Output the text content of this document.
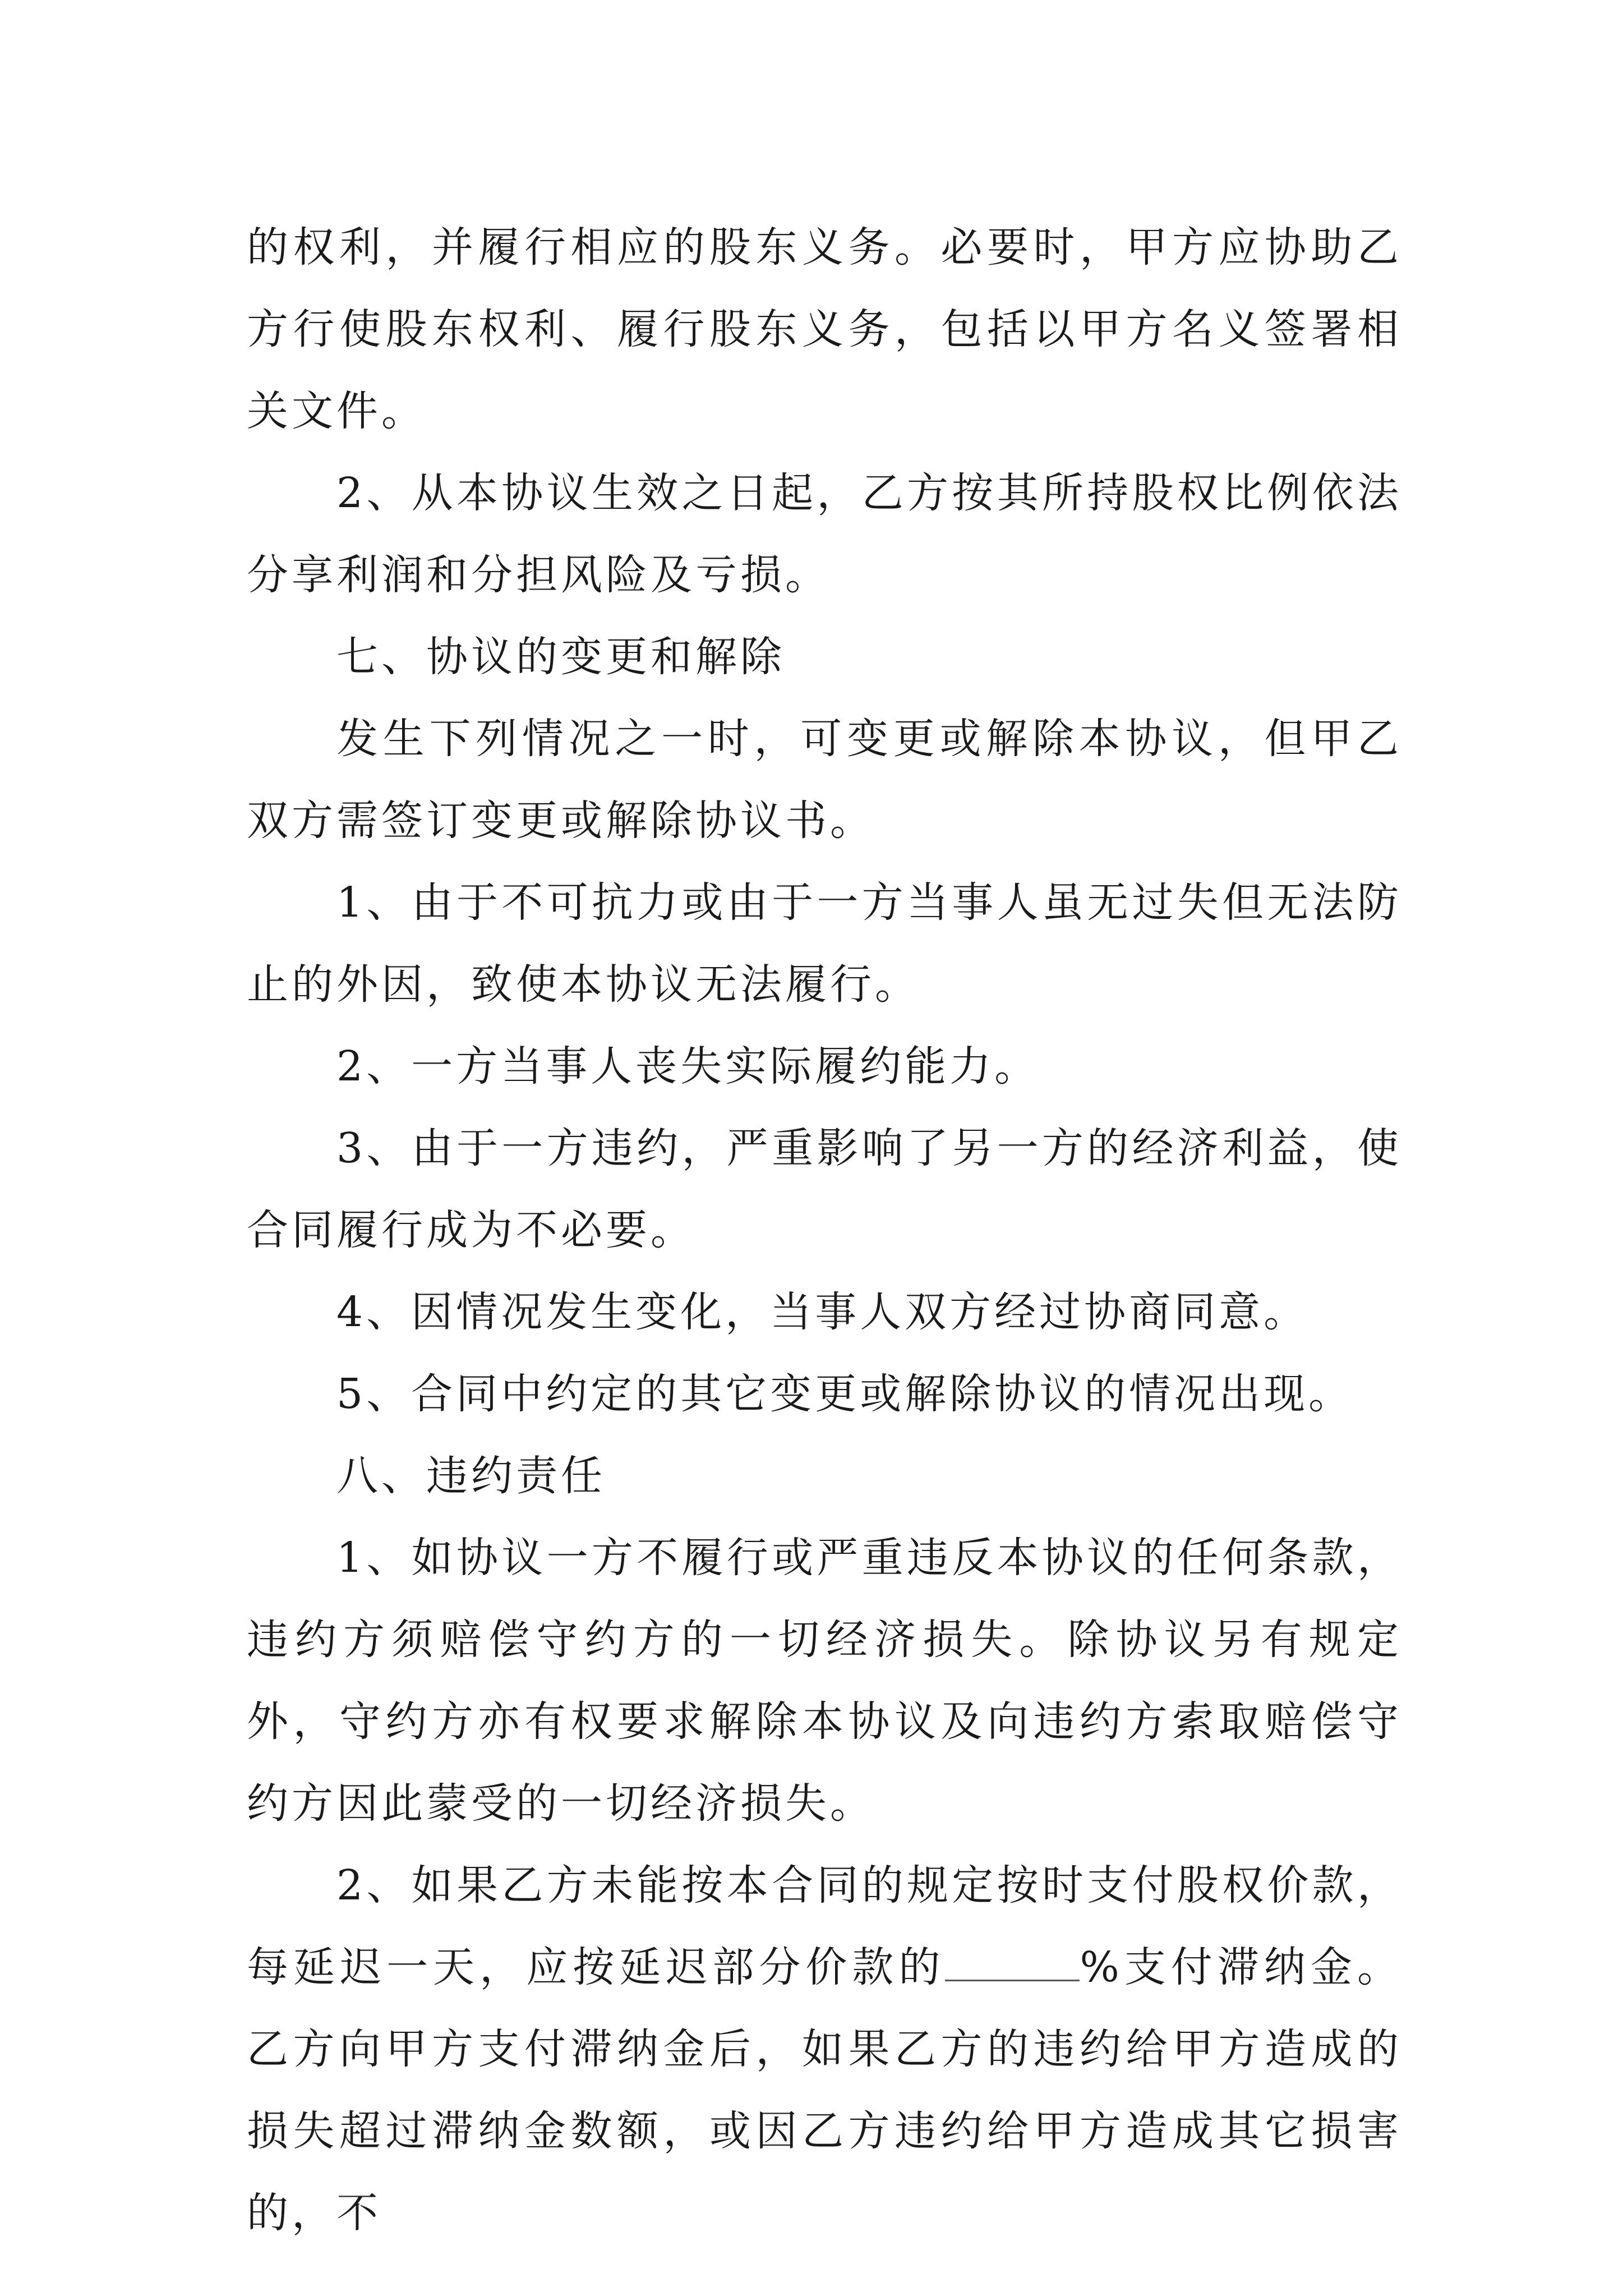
的权利，并履行相应的股东义务。必要时，甲方应协助乙方行使股东权利、履行股东义务，包括以甲方名义签署相关文件。

2、从本协议生效之日起，乙方按其所持股权比例依法分享利润和分担风险及亏损。

七、协议的变更和解除

发生下列情况之一时，可变更或解除本协议，但甲乙双方需签订变更或解除协议书。

1、由于不可抗力或由于一方当事人虽无过失但无法防止的外因，致使本协议无法履行。

2、一方当事人丧失实际履约能力。

3、由于一方违约，严重影响了另一方的经济利益，使合同履行成为不必要。

4、因情况发生变化，当事人双方经过协商同意。

5、合同中约定的其它变更或解除协议的情况出现。

八、违约责任

1、如协议一方不履行或严重违反本协议的任何条款，违约方须赔偿守约方的一切经济损失。除协议另有规定外，守约方亦有权要求解除本协议及向违约方索取赔偿守约方因此蒙受的一切经济损失。

2、如果乙方未能按本合同的规定按时支付股权价款，每延迟一天，应按延迟部分价款的	%支付滞纳金。乙方向甲方支付滞纳金后，如果乙方的违约给甲方造成的损失超过滞纳金数额，或因乙方违约给甲方造成其它损害的，不
